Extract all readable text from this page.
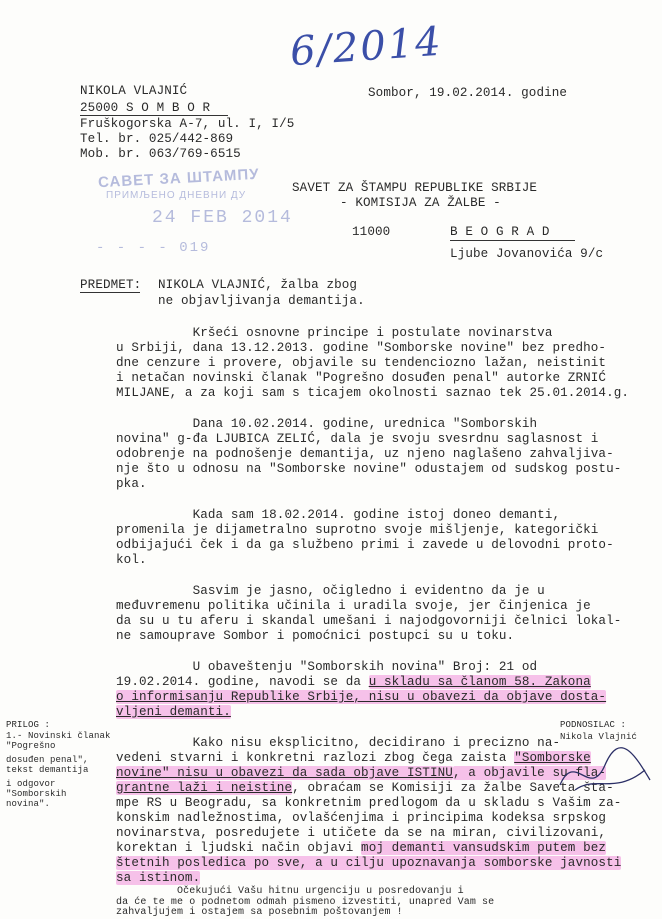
6/2014
NIKOLA VLAJNIĆ
25000 S O M B O R
Fruškogorska A-7, ul. I, I/5
Tel. br. 025/442-869
Mob. br. 063/769-6515
Sombor, 19.02.2014. godine
САВЕТ ЗА ШТАМПУ
ПРИМЉЕНО ДНЕВНИ ДУ
24 FEB 2014
- - - - 019
SAVET ZA ŠTAMPU REPUBLIKE SRBIJE
- KOMISIJA ZA ŽALBE -
11000	B E O G R A D
Ljube Jovanovića 9/c
PREDMET: NIKOLA VLAJNIĆ, žalba zbog
ne objavljivanja demantija.
Kršeći osnovne principe i postulate novinarstva
u Srbiji, dana 13.12.2013. godine "Somborske novine" bez predho-
dne cenzure i provere, objavile su tendenciozno lažan, neistinit
i netačan novinski članak "Pogrešno dosuđen penal" autorke ZRNIĆ
MILJANE, a za koji sam s ticajem okolnosti saznao tek 25.01.2014.g.
Dana 10.02.2014. godine, urednica "Somborskih
novina" g-đa LJUBICA ZELIĆ, dala je svoju svesrdnu saglasnost i
odobrenje na podnošenje demantija, uz njeno naglašeno zahvaljiva-
nje što u odnosu na "Somborske novine" odustajem od sudskog postu-
pka.
Kada sam 18.02.2014. godine istoj doneo demanti,
promenila je dijametralno suprotno svoje mišljenje, kategorički
odbijajući ček i da ga službeno primi i zavede u delovodni proto-
kol.
Sasvim je jasno, očigledno i evidentno da je u
međuvremenu politika učinila i uradila svoje, jer činjenica je
da su u tu aferu i skandal umešani i najodgovorniji čelnici lokal-
ne samouprave Sombor i pomoćnici postupci su u toku.
U obaveštenju "Somborskih novina" Broj: 21 od
19.02.2014. godine, navodi se da u skladu sa članom 58. Zakona
o informisanju Republike Srbije, nisu u obavezi da objave dosta-
vljeni demanti.
Kako nisu eksplicitno, decidirano i precizno na-
vedeni stvarni i konkretni razlozi zbog čega zaista "Somborske
novine" nisu u obavezi da sada objave ISTINU, a objavile su fla-
grantne laži i neistine, obraćam se Komisiji za žalbe Saveta šta-
mpe RS u Beogradu, sa konkretnim predlogom da u skladu s Vašim za-
konskim nadležnostima, ovlašćenjima i principima kodeksa srpskog
novinarstva, posredujete i utičete da se na miran, civilizovani,
korektan i ljudski način objavi moj demanti vansudskim putem bez
štetnih posledica po sve, a u cilju upoznavanja somborske javnosti
sa istinom.
Očekujući Vašu hitnu urgenciju u posredovanju i
da će te me o podnetom odmah pismeno izvestiti, unapred Vam se
zahvaljujem i ostajem sa posebnim poštovanjem !
PRILOG :
1.- Novinski članak "Pogrešno
dosuđen penal", tekst demantija
i odgovor "Somborskih novina".
PODNOSILAC :
Nikola Vlajnić
